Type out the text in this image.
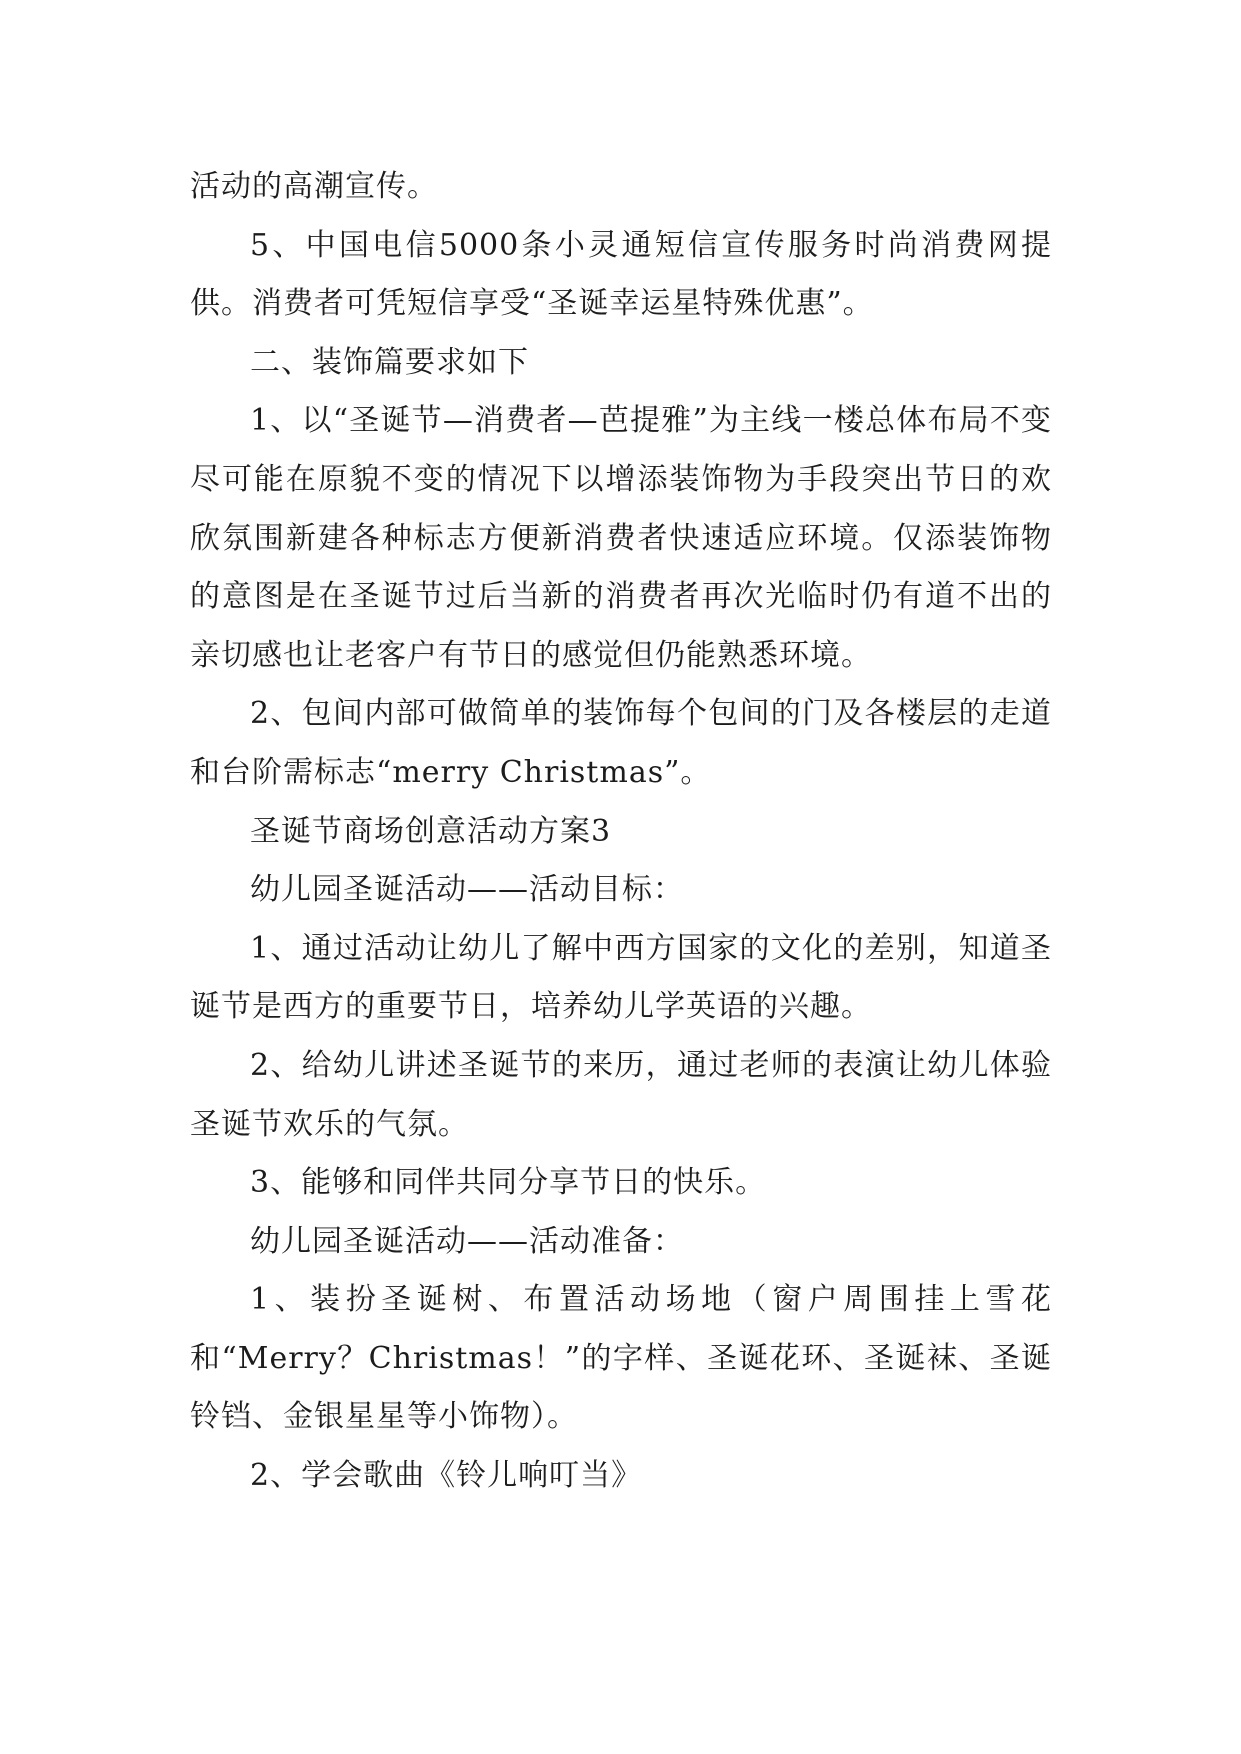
活动的高潮宣传。

5、中国电信5000条小灵通短信宣传服务时尚消费网提供。消费者可凭短信享受“圣诞幸运星特殊优惠”。

二、装饰篇要求如下

1、以“圣诞节—消费者—芭提雅”为主线一楼总体布局不变尽可能在原貌不变的情况下以增添装饰物为手段突出节日的欢欣氛围新建各种标志方便新消费者快速适应环境。仅添装饰物的意图是在圣诞节过后当新的消费者再次光临时仍有道不出的亲切感也让老客户有节日的感觉但仍能熟悉环境。

2、包间内部可做简单的装饰每个包间的门及各楼层的走道和台阶需标志“merry Christmas”。

圣诞节商场创意活动方案3

幼儿园圣诞活动——活动目标：

1、通过活动让幼儿了解中西方国家的文化的差别，知道圣诞节是西方的重要节日，培养幼儿学英语的兴趣。

2、给幼儿讲述圣诞节的来历，通过老师的表演让幼儿体验圣诞节欢乐的气氛。

3、能够和同伴共同分享节日的快乐。

幼儿园圣诞活动——活动准备：

1、装扮圣诞树、布置活动场地（窗户周围挂上雪花和“Merry？Christmas！”的字样、圣诞花环、圣诞袜、圣诞铃铛、金银星星等小饰物）。

2、学会歌曲《铃儿响叮当》
